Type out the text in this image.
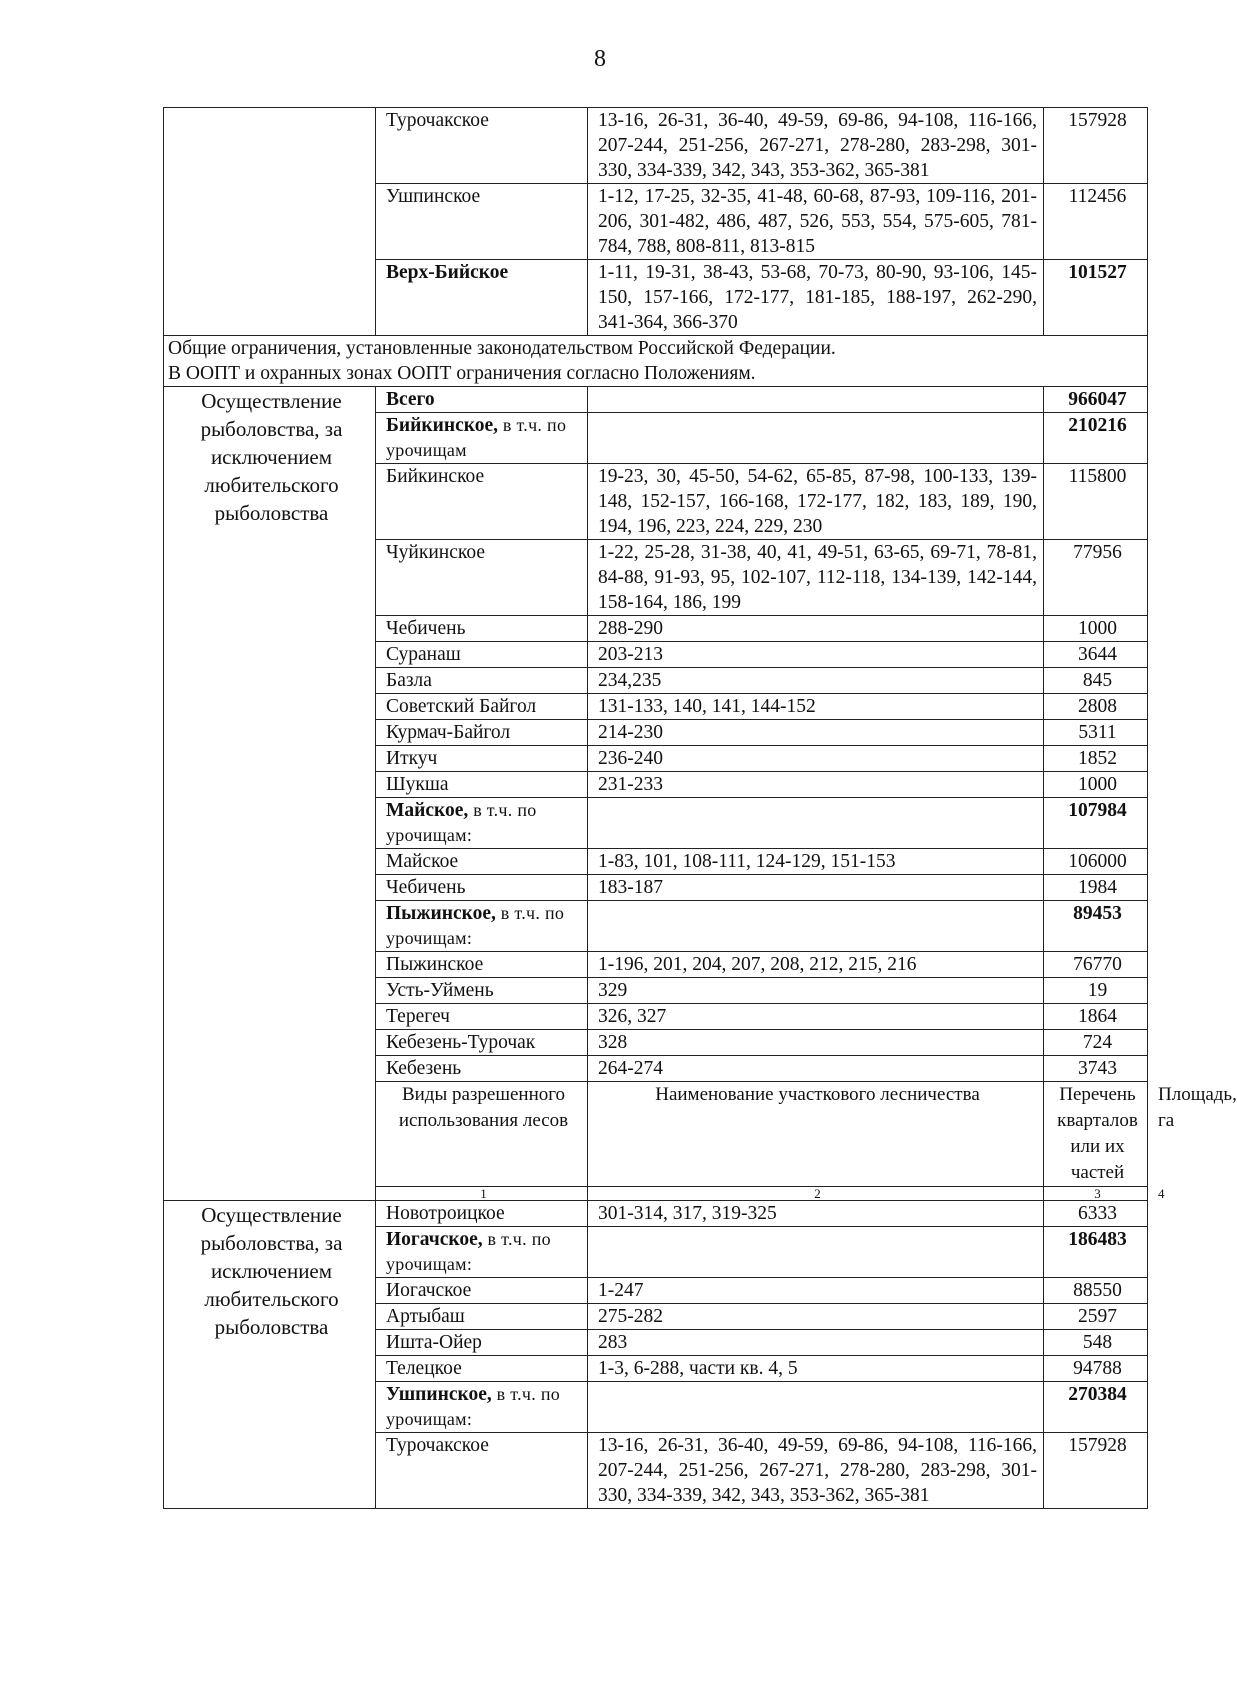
8
	Турочакское	13-16, 26-31, 36-40, 49-59, 69-86, 94-108, 116-166, 207-244, 251-256, 267-271, 278-280, 283-298, 301-330, 334-339, 342, 343, 353-362, 365-381	157928	
	Ушпинское	1-12, 17-25, 32-35, 41-48, 60-68, 87-93, 109-116, 201-206, 301-482, 486, 487, 526, 553, 554, 575-605, 781-784, 788, 808-811, 813-815	112456	
	Верх-Бийское	1-11, 19-31, 38-43, 53-68, 70-73, 80-90, 93-106, 145-150, 157-166, 172-177, 181-185, 188-197, 262-290, 341-364, 366-370	101527	

Общие ограничения, установленные законодательством Российской Федерации.
В ООПТ и охранных зонах ООПТ ограничения согласно Положениям.				

Осуществление рыболовства, за исключением любительского рыболовства	Всего		966047	
	Бийкинское, в т.ч. по урочищам		210216	
	Бийкинское	19-23, 30, 45-50, 54-62, 65-85, 87-98, 100-133, 139-148, 152-157, 166-168, 172-177, 182, 183, 189, 190, 194, 196, 223, 224, 229, 230	115800	
	Чуйкинское	1-22, 25-28, 31-38, 40, 41, 49-51, 63-65, 69-71, 78-81, 84-88, 91-93, 95, 102-107, 112-118, 134-139, 142-144, 158-164, 186, 199	77956	
	Чебичень	288-290	1000	
	Суранаш	203-213	3644	
	Базла	234,235	845	
	Советский Байгол	131-133, 140, 141, 144-152	2808	
	Курмач-Байгол	214-230	5311	
	Иткуч	236-240	1852	
	Шукша	231-233	1000	
	Майское, в т.ч. по урочищам:		107984	
	Майское	1-83, 101, 108-111, 124-129, 151-153	106000	
	Чебичень	183-187	1984	
	Пыжинское, в т.ч. по урочищам:		89453	
	Пыжинское	1-196, 201, 204, 207, 208, 212, 215, 216	76770	
	Усть-Уймень	329	19	
	Терегеч	326, 327	1864	
	Кебезень-Турочак	328	724	
	Кебезень	264-274	3743	
	Виды разрешенного использования лесов	Наименование участкового лесничества	Перечень кварталов или их частей	Площадь, га
	1	2	3	4
Осуществление рыболовства, за исключением любительского рыболовства	Новотроицкое	301-314, 317, 319-325	6333	
	Иогачское, в т.ч. по урочищам:		186483	
	Иогачское	1-247	88550	
	Артыбаш	275-282	2597	
	Ишта-Ойер	283	548	
	Телецкое	1-3, 6-288, части кв. 4, 5	94788	
	Ушпинское, в т.ч. по урочищам:		270384	
	Турочакское	13-16, 26-31, 36-40, 49-59, 69-86, 94-108, 116-166, 207-244, 251-256, 267-271, 278-280, 283-298, 301-330, 334-339, 342, 343, 353-362, 365-381	157928	
